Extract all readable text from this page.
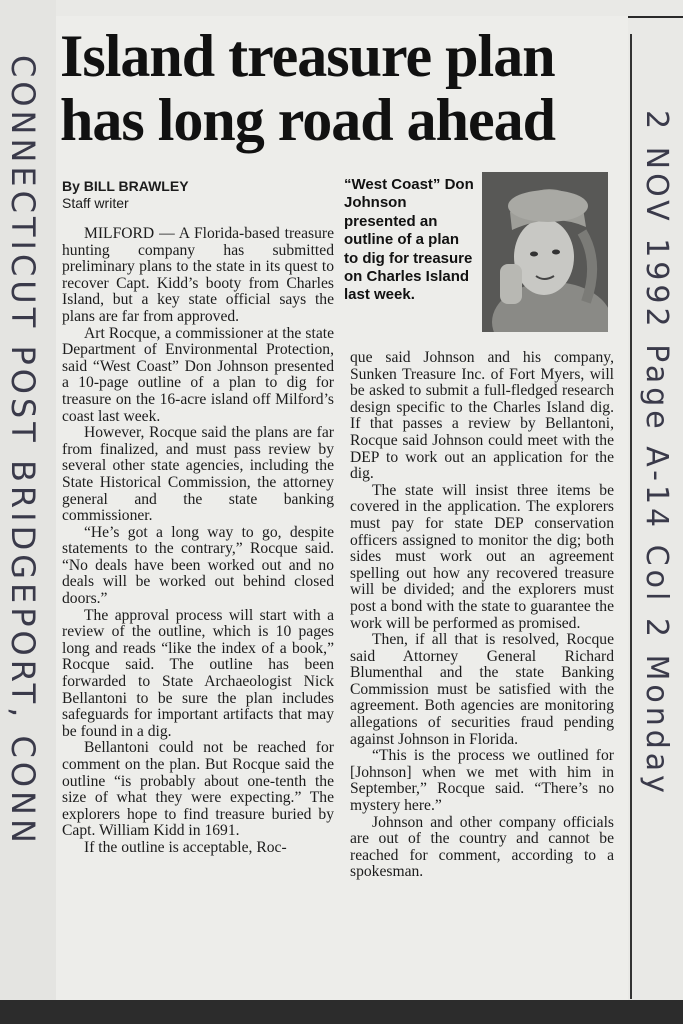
CONNECTICUT POST BRIDGEPORT, CONN	2 NOV 1992 Page A-14 Col 2 Monday
Island treasure plan
has long road ahead
By BILL BRAWLEY
Staff writer
“West Coast” Don Johnson presented an outline of a plan to dig for treasure on Charles Island last week.

MILFORD — A Florida-based treasure hunting company has submitted preliminary plans to the state in its quest to recover Capt. Kidd’s booty from Charles Island, but a key state official says the plans are far from approved.

Art Rocque, a commissioner at the state Department of Environmental Protection, said “West Coast” Don Johnson presented a 10-page outline of a plan to dig for treasure on the 16-acre island off Milford’s coast last week.

However, Rocque said the plans are far from finalized, and must pass review by several other state agencies, including the State Historical Commission, the attorney general and the state banking commissioner.

“He’s got a long way to go, despite statements to the contrary,” Rocque said. “No deals have been worked out and no deals will be worked out behind closed doors.”

The approval process will start with a review of the outline, which is 10 pages long and reads “like the index of a book,” Rocque said. The outline has been forwarded to State Archaeologist Nick Bellantoni to be sure the plan includes safeguards for important artifacts that may be found in a dig.

Bellantoni could not be reached for comment on the plan. But Rocque said the outline “is probably about one-tenth the size of what they were expecting.” The explorers hope to find treasure buried by Capt. William Kidd in 1691.

If the outline is acceptable, Roc-

que said Johnson and his company, Sunken Treasure Inc. of Fort Myers, will be asked to submit a full-fledged research design specific to the Charles Island dig. If that passes a review by Bellantoni, Rocque said Johnson could meet with the DEP to work out an application for the dig.

The state will insist three items be covered in the application. The explorers must pay for state DEP conservation officers assigned to monitor the dig; both sides must work out an agreement spelling out how any recovered treasure will be divided; and the explorers must post a bond with the state to guarantee the work will be performed as promised.

Then, if all that is resolved, Rocque said Attorney General Richard Blumenthal and the state Banking Commission must be satisfied with the agreement. Both agencies are monitoring allegations of securities fraud pending against Johnson in Florida.

“This is the process we outlined for [Johnson] when we met with him in September,” Rocque said. “There’s no mystery here.”

Johnson and other company officials are out of the country and cannot be reached for comment, according to a spokesman.
